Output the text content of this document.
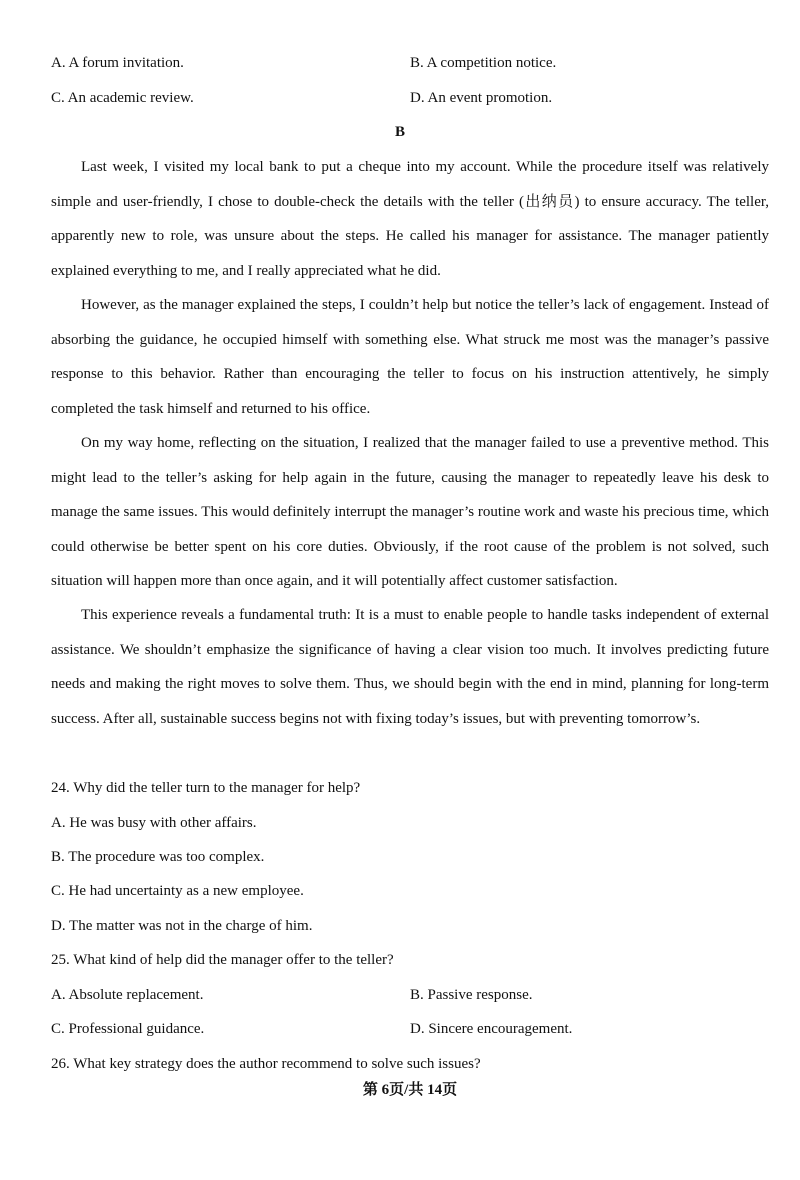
A. A forum invitation.	B. A competition notice.
C. An academic review.	D. An event promotion.
B
Last week, I visited my local bank to put a cheque into my account. While the procedure itself was relatively simple and user-friendly, I chose to double-check the details with the teller (出纳员) to ensure accuracy. The teller, apparently new to role, was unsure about the steps. He called his manager for assistance. The manager patiently explained everything to me, and I really appreciated what he did.
However, as the manager explained the steps, I couldn’t help but notice the teller’s lack of engagement. Instead of absorbing the guidance, he occupied himself with something else. What struck me most was the manager’s passive response to this behavior. Rather than encouraging the teller to focus on his instruction attentively, he simply completed the task himself and returned to his office.
On my way home, reflecting on the situation, I realized that the manager failed to use a preventive method. This might lead to the teller’s asking for help again in the future, causing the manager to repeatedly leave his desk to manage the same issues. This would definitely interrupt the manager’s routine work and waste his precious time, which could otherwise be better spent on his core duties. Obviously, if the root cause of the problem is not solved, such situation will happen more than once again, and it will potentially affect customer satisfaction.
This experience reveals a fundamental truth: It is a must to enable people to handle tasks independent of external assistance. We shouldn’t emphasize the significance of having a clear vision too much. It involves predicting future needs and making the right moves to solve them. Thus, we should begin with the end in mind, planning for long-term success. After all, sustainable success begins not with fixing today’s issues, but with preventing tomorrow’s.
24. Why did the teller turn to the manager for help?
A. He was busy with other affairs.
B. The procedure was too complex.
C. He had uncertainty as a new employee.
D. The matter was not in the charge of him.
25. What kind of help did the manager offer to the teller?
A. Absolute replacement.	B. Passive response.
C. Professional guidance.	D. Sincere encouragement.
26. What key strategy does the author recommend to solve such issues?
第 6页/共 14页
